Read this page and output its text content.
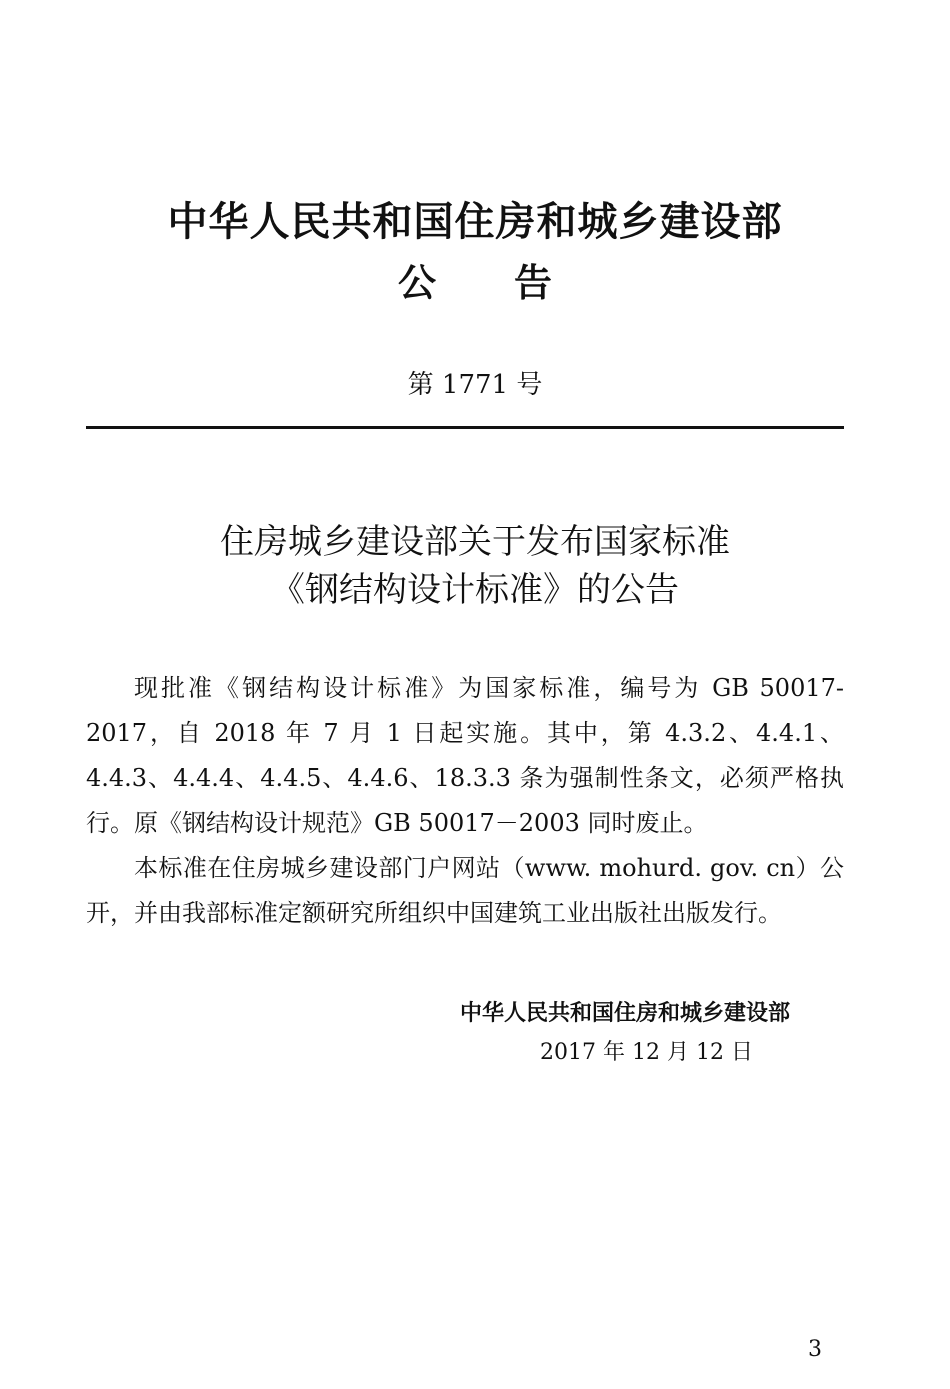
中华人民共和国住房和城乡建设部
公告
第 1771 号
住房城乡建设部关于发布国家标准
《钢结构设计标准》的公告

现批准《钢结构设计标准》为国家标准，编号为 GB 50017-2017，自 2018 年 7 月 1 日起实施。其中，第 4.3.2、4.4.1、4.4.3、4.4.4、4.4.5、4.4.6、18.3.3 条为强制性条文，必须严格执行。原《钢结构设计规范》GB 50017－2003 同时废止。

本标准在住房城乡建设部门户网站（www. mohurd. gov. cn）公开，并由我部标准定额研究所组织中国建筑工业出版社出版发行。

中华人民共和国住房和城乡建设部
2017 年 12 月 12 日
3
